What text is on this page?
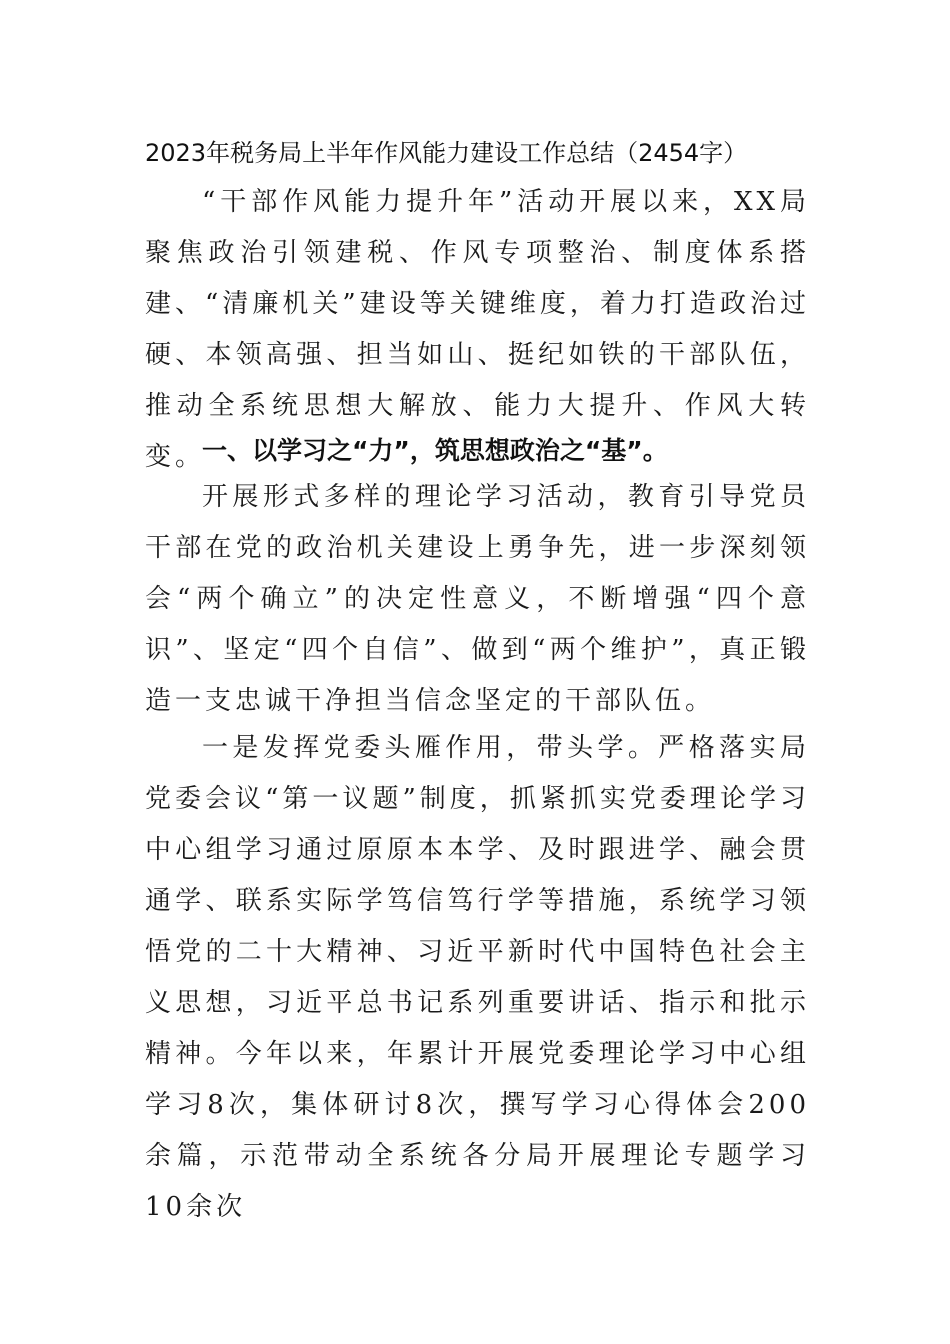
2023年税务局上半年作风能力建设工作总结（2454字）

“干部作风能力提升年”活动开展以来，XX局聚焦政治引领建税、作风专项整治、制度体系搭建、“清廉机关”建设等关键维度，着力打造政治过硬、本领高强、担当如山、挺纪如铁的干部队伍，推动全系统思想大解放、能力大提升、作风大转变。

一、以学习之“力”，筑思想政治之“基”。

开展形式多样的理论学习活动，教育引导党员干部在党的政治机关建设上勇争先，进一步深刻领会“两个确立”的决定性意义，不断增强“四个意识”、坚定“四个自信”、做到“两个维护”，真正锻造一支忠诚干净担当信念坚定的干部队伍。

一是发挥党委头雁作用，带头学。严格落实局党委会议“第一议题”制度，抓紧抓实党委理论学习中心组学习通过原原本本学、及时跟进学、融会贯通学、联系实际学笃信笃行学等措施，系统学习领悟党的二十大精神、习近平新时代中国特色社会主义思想，习近平总书记系列重要讲话、指示和批示精神。今年以来，年累计开展党委理论学习中心组学习8次，集体研讨8次，撰写学习心得体会200余篇，示范带动全系统各分局开展理论专题学习10余次
